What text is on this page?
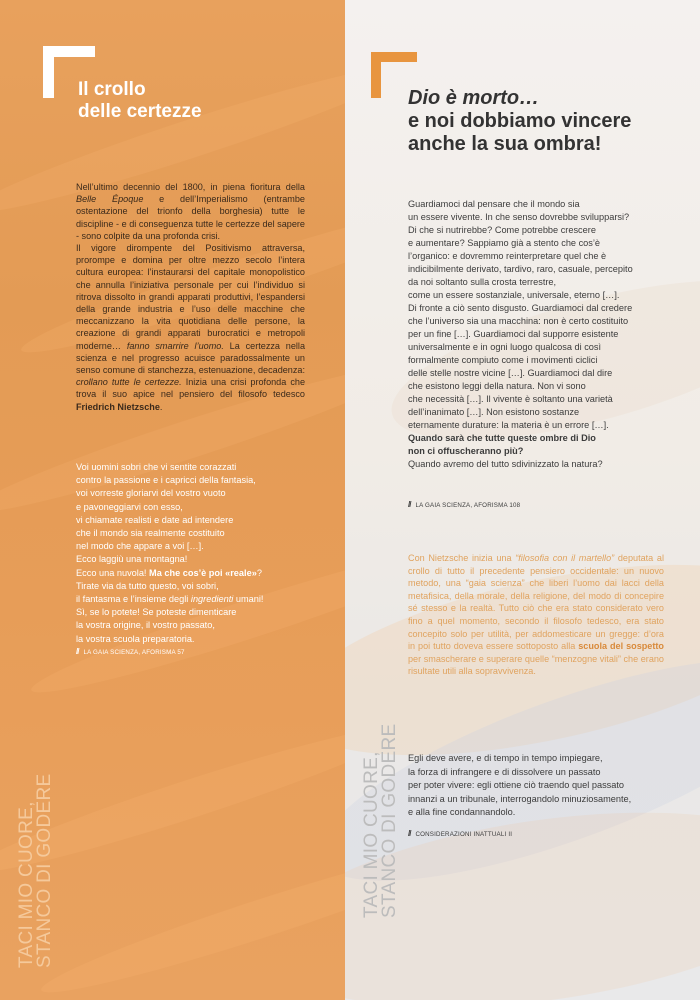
Il crollo
delle certezze

Nell’ultimo decennio del 1800, in piena fioritura della Belle Époque e dell’Imperialismo (entrambe ostentazione del trionfo della borghesia) tutte le discipline - e di conseguenza tutte le certezze del sapere - sono colpite da una profonda crisi.

Il vigore dirompente del Positivismo attraversa, prorompe e domina per oltre mezzo secolo l’intera cultura europea: l’instaurarsi del capitale monopolistico che annulla l’iniziativa personale per cui l’individuo si ritrova dissolto in grandi apparati produttivi, l’espandersi della grande industria e l’uso delle macchine che meccanizzano la vita quotidiana delle persone, la creazione di grandi apparati burocratici e metropoli moderne… fanno smarrire l’uomo. La certezza nella scienza e nel progresso acuisce paradossalmente un senso comune di stanchezza, estenuazione, decadenza: crollano tutte le certezze. Inizia una crisi profonda che trova il suo apice nel pensiero del filosofo tedesco Friedrich Nietzsche.

Voi uomini sobri che vi sentite corazzati
contro la passione e i capricci della fantasia,
voi vorreste gloriarvi del vostro vuoto
e pavoneggiarvi con esso,
vi chiamate realisti e date ad intendere
che il mondo sia realmente costituito
nel modo che appare a voi […].
Ecco laggiù una montagna!
Ecco una nuvola! Ma che cos’è poi «reale»?
Tirate via da tutto questo, voi sobri,
il fantasma e l’insieme degli ingredienti umani!
Sì, se lo potete! Se poteste dimenticare
la vostra origine, il vostro passato,
la vostra scuola preparatoria.
// LA GAIA SCIENZA, AFORISMA 57
TACI MIO CUORE,
STANCO DI GODERE
Dio è morto…
e noi dobbiamo vincere
anche la sua ombra!
Guardiamoci dal pensare che il mondo sia
un essere vivente. In che senso dovrebbe svilupparsi?
Di che si nutrirebbe? Come potrebbe crescere
e aumentare? Sappiamo già a stento che cos’è
l’organico: e dovremmo reinterpretare quel che è
indicibilmente derivato, tardivo, raro, casuale, percepito
da noi soltanto sulla crosta terrestre,
come un essere sostanziale, universale, eterno […].
Di fronte a ciò sento disgusto. Guardiamoci dal credere
che l’universo sia una macchina: non è certo costituito
per un fine […]. Guardiamoci dal supporre esistente
universalmente e in ogni luogo qualcosa di così
formalmente compiuto come i movimenti ciclici
delle stelle nostre vicine […]. Guardiamoci dal dire
che esistono leggi della natura. Non vi sono
che necessità […]. Il vivente è soltanto una varietà
dell’inanimato […]. Non esistono sostanze
eternamente durature: la materia è un errore […].
Quando sarà che tutte queste ombre di Dio
non ci offuscheranno più?
Quando avremo del tutto sdivinizzato la natura?
// LA GAIA SCIENZA, AFORISMA 108
Con Nietzsche inizia una “filosofia con il martello” deputata al crollo di tutto il precedente pensiero occidentale: un nuovo metodo, una “gaia scienza” che liberi l’uomo dai lacci della metafisica, della morale, della religione, del modo di concepire sé stesso e la realtà. Tutto ciò che era stato considerato vero fino a quel momento, secondo il filosofo tedesco, era stato concepito solo per utilità, per addomesticare un gregge: d’ora in poi tutto doveva essere sottoposto alla scuola del sospetto per smascherare e superare quelle “menzogne vitali” che erano risultate utili alla sopravvivenza.
Egli deve avere, e di tempo in tempo impiegare,
la forza di infrangere e di dissolvere un passato
per poter vivere: egli ottiene ciò traendo quel passato
innanzi a un tribunale, interrogandolo minuziosamente,
e alla fine condannandolo.
// CONSIDERAZIONI INATTUALI II
TACI MIO CUORE,
STANCO DI GODERE
